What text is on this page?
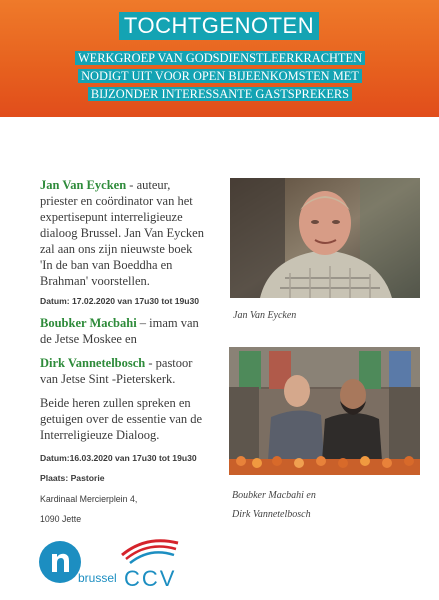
TOCHTGENOTEN
WERKGROEP VAN GODSDIENSTLEERKRACHTEN
NODIGT UIT VOOR OPEN BIJEENKOMSTEN MET
BIJZONDER INTERESSANTE GASTSPREKERS
Jan Van Eycken - auteur,
priester en coördinator van het
expertisepunt interreligieuze
dialoog Brussel. Jan Van Eycken
zal aan ons zijn nieuwste boek
'In de ban van Boeddha en
Brahman' voorstellen.
Datum: 17.02.2020 van 17u30 tot 19u30
Boubker Macbahi – imam van
de Jetse Moskee en
Dirk Vannetelbosch - pastoor
van Jetse Sint -Pieterskerk.
Beide heren zullen spreken en
getuigen over de essentie van de
Interreligieuze Dialoog.
Datum:16.03.2020 van 17u30 tot 19u30
Plaats: Pastorie
Kardinaal Mercierplein 4,
1090 Jette
Jan Van Eycken
Boubker Macbahi en
Dirk Vannetelbosch
brussel CCV
